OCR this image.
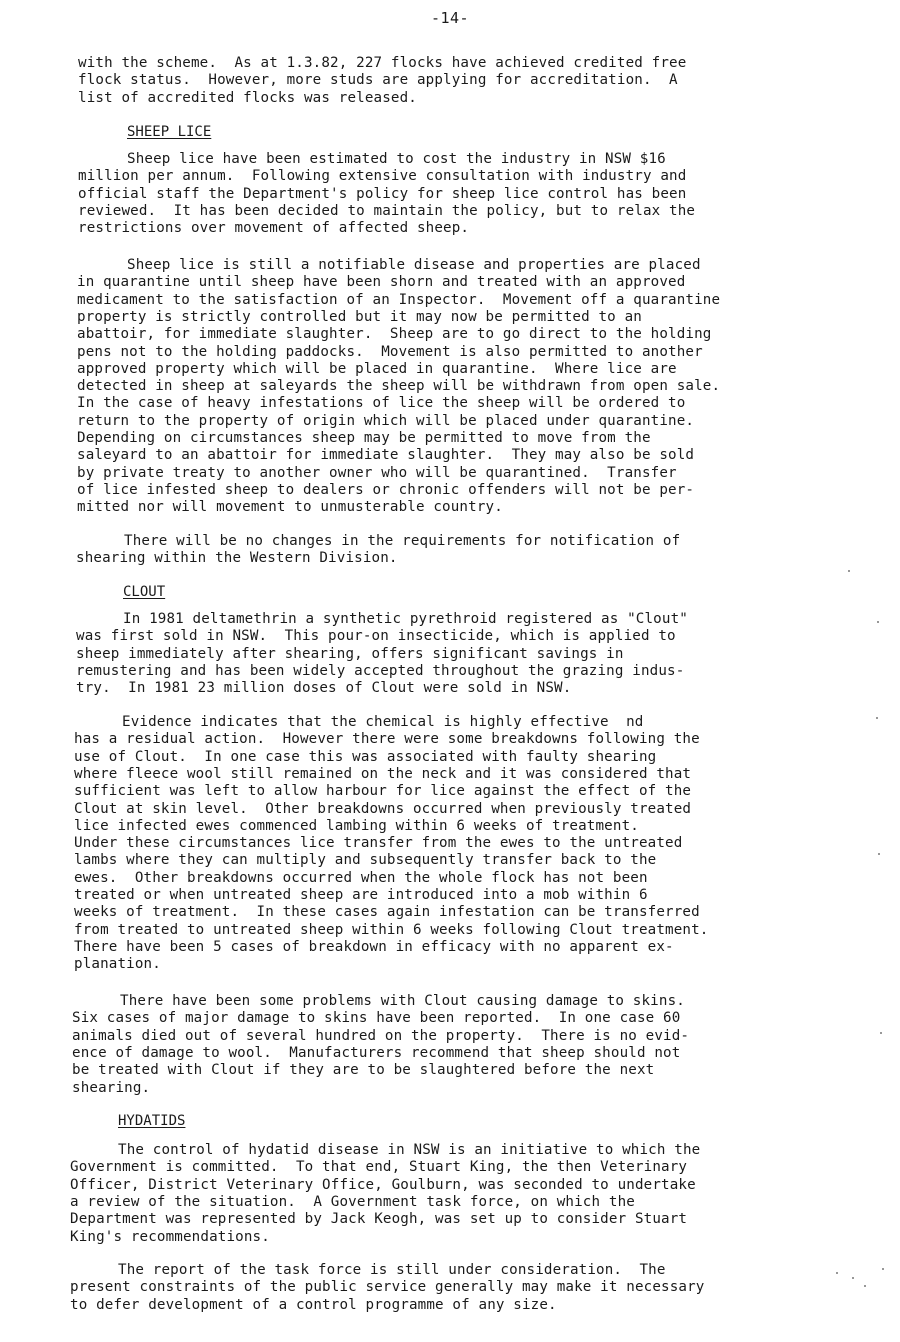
-14-
with the scheme.  As at 1.3.82, 227 flocks have achieved credited free
flock status.  However, more studs are applying for accreditation.  A
list of accredited flocks was released.
SHEEP LICE
Sheep lice have been estimated to cost the industry in NSW $16
million per annum.  Following extensive consultation with industry and
official staff the Department's policy for sheep lice control has been
reviewed.  It has been decided to maintain the policy, but to relax the
restrictions over movement of affected sheep.
Sheep lice is still a notifiable disease and properties are placed
in quarantine until sheep have been shorn and treated with an approved
medicament to the satisfaction of an Inspector.  Movement off a quarantine
property is strictly controlled but it may now be permitted to an
abattoir, for immediate slaughter.  Sheep are to go direct to the holding
pens not to the holding paddocks.  Movement is also permitted to another
approved property which will be placed in quarantine.  Where lice are
detected in sheep at saleyards the sheep will be withdrawn from open sale.
In the case of heavy infestations of lice the sheep will be ordered to
return to the property of origin which will be placed under quarantine.
Depending on circumstances sheep may be permitted to move from the
saleyard to an abattoir for immediate slaughter.  They may also be sold
by private treaty to another owner who will be quarantined.  Transfer
of lice infested sheep to dealers or chronic offenders will not be per-
mitted nor will movement to unmusterable country.
There will be no changes in the requirements for notification of
shearing within the Western Division.
CLOUT
In 1981 deltamethrin a synthetic pyrethroid registered as "Clout"
was first sold in NSW.  This pour-on insecticide, which is applied to
sheep immediately after shearing, offers significant savings in
remustering and has been widely accepted throughout the grazing indus-
try.  In 1981 23 million doses of Clout were sold in NSW.
Evidence indicates that the chemical is highly effective  nd
has a residual action.  However there were some breakdowns following the
use of Clout.  In one case this was associated with faulty shearing
where fleece wool still remained on the neck and it was considered that
sufficient was left to allow harbour for lice against the effect of the
Clout at skin level.  Other breakdowns occurred when previously treated
lice infected ewes commenced lambing within 6 weeks of treatment.
Under these circumstances lice transfer from the ewes to the untreated
lambs where they can multiply and subsequently transfer back to the
ewes.  Other breakdowns occurred when the whole flock has not been
treated or when untreated sheep are introduced into a mob within 6
weeks of treatment.  In these cases again infestation can be transferred
from treated to untreated sheep within 6 weeks following Clout treatment.
There have been 5 cases of breakdown in efficacy with no apparent ex-
planation.
There have been some problems with Clout causing damage to skins.
Six cases of major damage to skins have been reported.  In one case 60
animals died out of several hundred on the property.  There is no evid-
ence of damage to wool.  Manufacturers recommend that sheep should not
be treated with Clout if they are to be slaughtered before the next
shearing.
HYDATIDS
The control of hydatid disease in NSW is an initiative to which the
Government is committed.  To that end, Stuart King, the then Veterinary
Officer, District Veterinary Office, Goulburn, was seconded to undertake
a review of the situation.  A Government task force, on which the
Department was represented by Jack Keogh, was set up to consider Stuart
King's recommendations.
The report of the task force is still under consideration.  The
present constraints of the public service generally may make it necessary
to defer development of a control programme of any size.
